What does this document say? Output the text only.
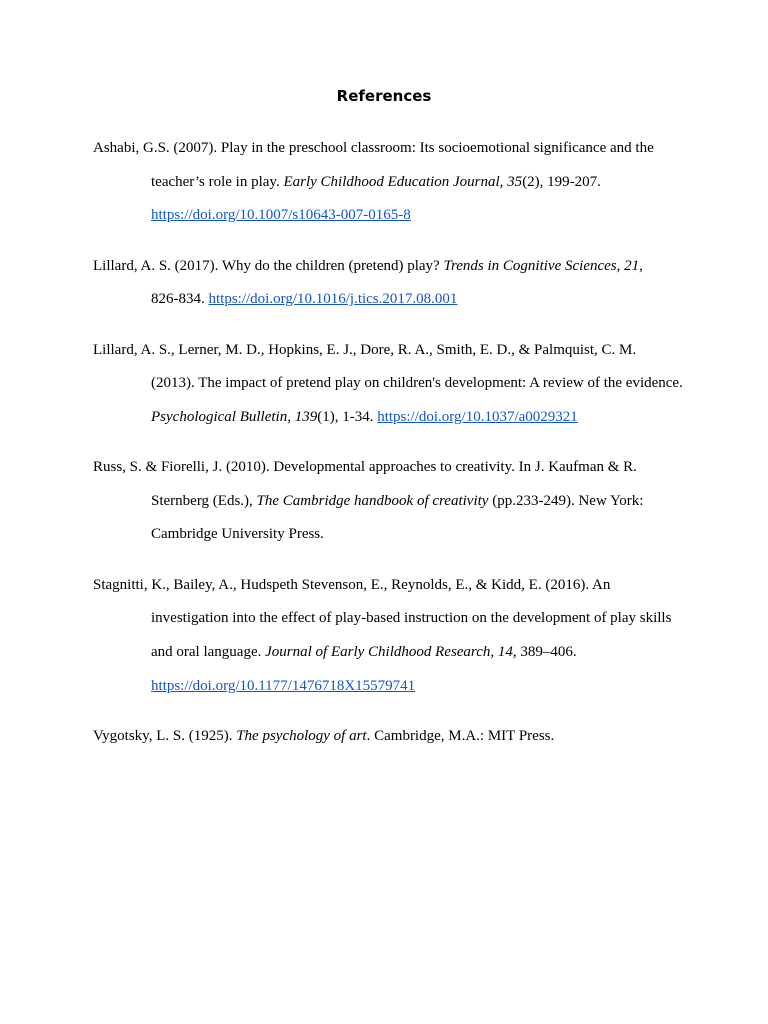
References
Ashabi, G.S. (2007). Play in the preschool classroom: Its socioemotional significance and the
teacher’s role in play. Early Childhood Education Journal, 35(2), 199-207.
https://doi.org/10.1007/s10643-007-0165-8
Lillard, A. S. (2017). Why do the children (pretend) play? Trends in Cognitive Sciences, 21,
826-834. https://doi.org/10.1016/j.tics.2017.08.001
Lillard, A. S., Lerner, M. D., Hopkins, E. J., Dore, R. A., Smith, E. D., & Palmquist, C. M.
(2013). The impact of pretend play on children's development: A review of the evidence.
Psychological Bulletin, 139(1), 1-34. https://doi.org/10.1037/a0029321
Russ, S. & Fiorelli, J. (2010). Developmental approaches to creativity. In J. Kaufman & R.
Sternberg (Eds.), The Cambridge handbook of creativity (pp.233-249). New York:
Cambridge University Press.
Stagnitti, K., Bailey, A., Hudspeth Stevenson, E., Reynolds, E., & Kidd, E. (2016). An
investigation into the effect of play-based instruction on the development of play skills
and oral language. Journal of Early Childhood Research, 14, 389–406.
https://doi.org/10.1177/1476718X15579741
Vygotsky, L. S. (1925). The psychology of art. Cambridge, M.A.: MIT Press.
